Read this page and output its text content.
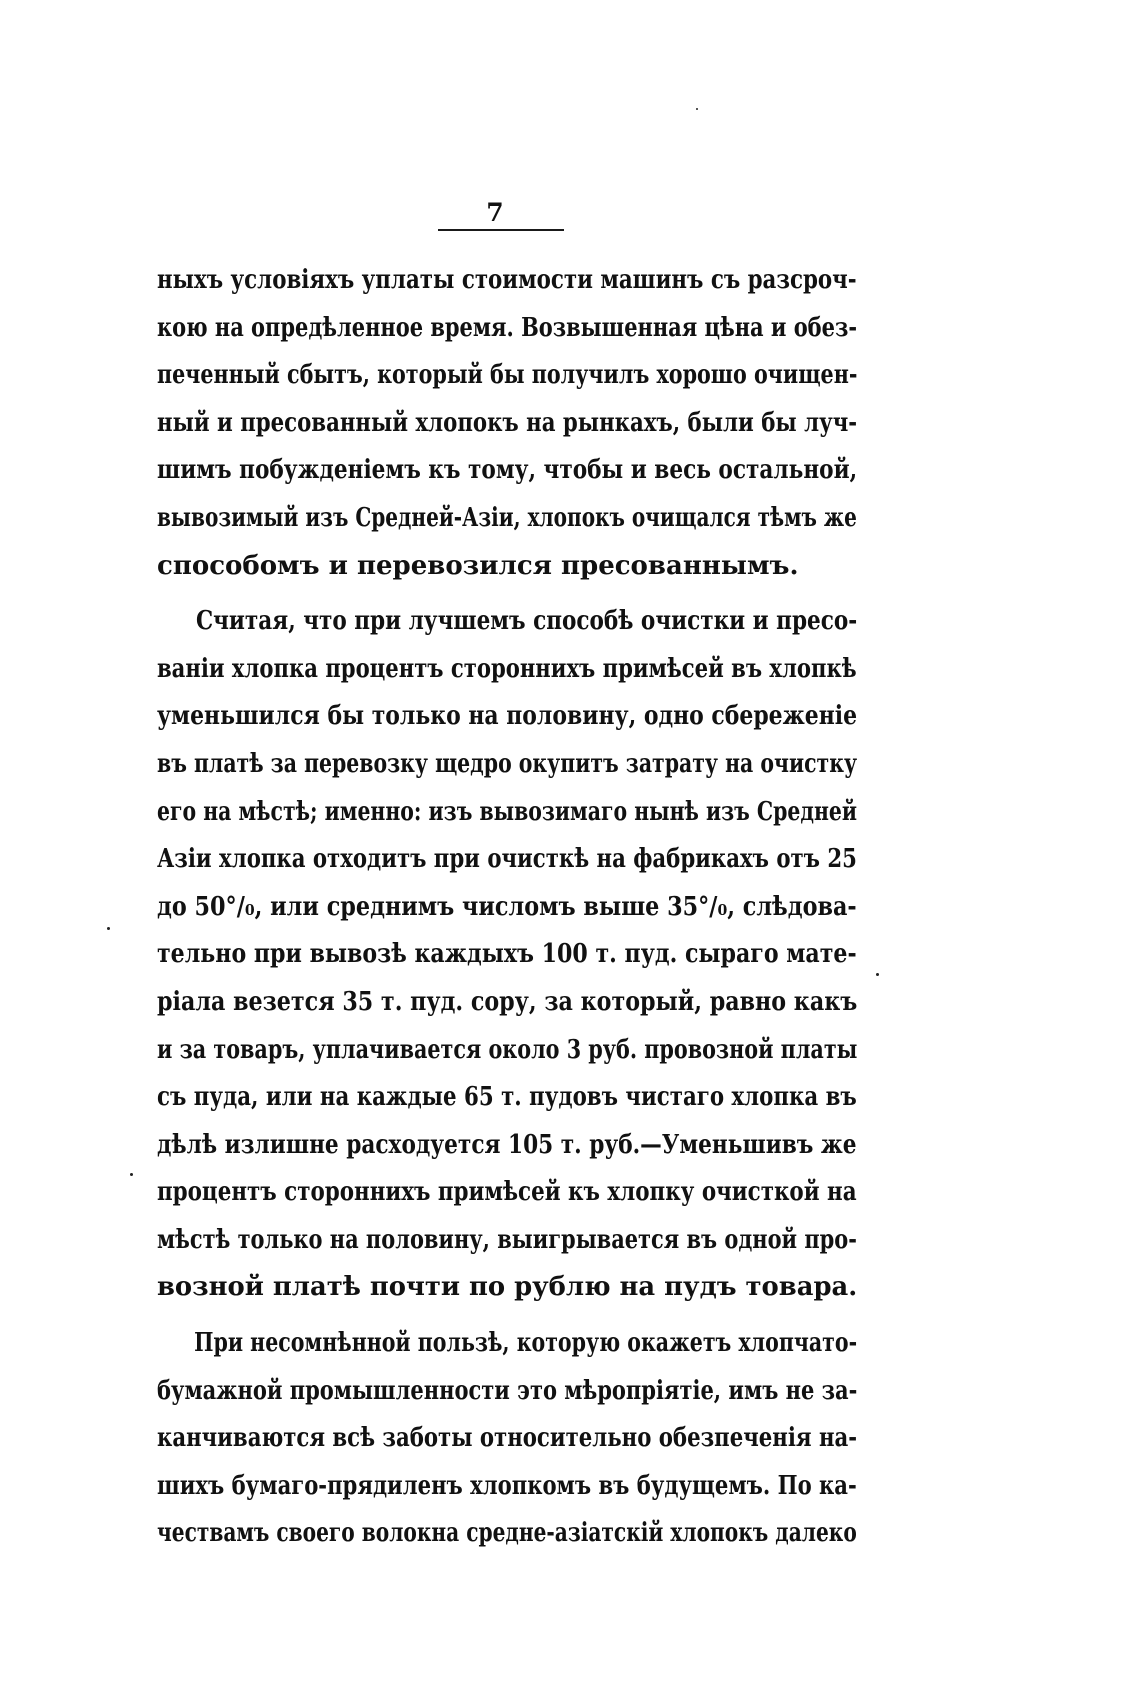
7
ныхъ условіяхъ уплаты стоимости машинъ съ разсроч-
кою на опредѣленное время. Возвышенная цѣна и обез-
печенный сбытъ, который бы получилъ хорошо очищен-
ный и пресованный хлопокъ на рынкахъ, были бы луч-
шимъ побужденіемъ къ тому, чтобы и весь остальной,
вывозимый изъ Средней-Азіи, хлопокъ очищался тѣмъ же
способомъ и перевозился пресованнымъ.
Считая, что при лучшемъ способѣ очистки и пресо-
ваніи хлопка процентъ стороннихъ примѣсей въ хлопкѣ
уменьшился бы только на половину, одно сбереженіе
въ платѣ за перевозку щедро окупитъ затрату на очистку
его на мѣстѣ; именно: изъ вывозимаго нынѣ изъ Средней
Азіи хлопка отходитъ при очисткѣ на фабрикахъ отъ 25
до 50°/₀, или среднимъ числомъ выше 35°/₀, слѣдова-
тельно при вывозѣ каждыхъ 100 т. пуд. сыраго мате-
ріала везется 35 т. пуд. сору, за который, равно какъ
и за товаръ, уплачивается около 3 руб. провозной платы
съ пуда, или на каждые 65 т. пудовъ чистаго хлопка въ
дѣлѣ излишне расходуется 105 т. руб.—Уменьшивъ же
процентъ стороннихъ примѣсей къ хлопку очисткой на
мѣстѣ только на половину, выигрывается въ одной про-
возной платѣ почти по рублю на пудъ товара.
При несомнѣнной пользѣ, которую окажетъ хлопчато-
бумажной промышленности это мѣропріятіе, имъ не за-
канчиваются всѣ заботы относительно обезпеченія на-
шихъ бумаго-прядиленъ хлопкомъ въ будущемъ. По ка-
чествамъ своего волокна средне-азіатскій хлопокъ далеко
